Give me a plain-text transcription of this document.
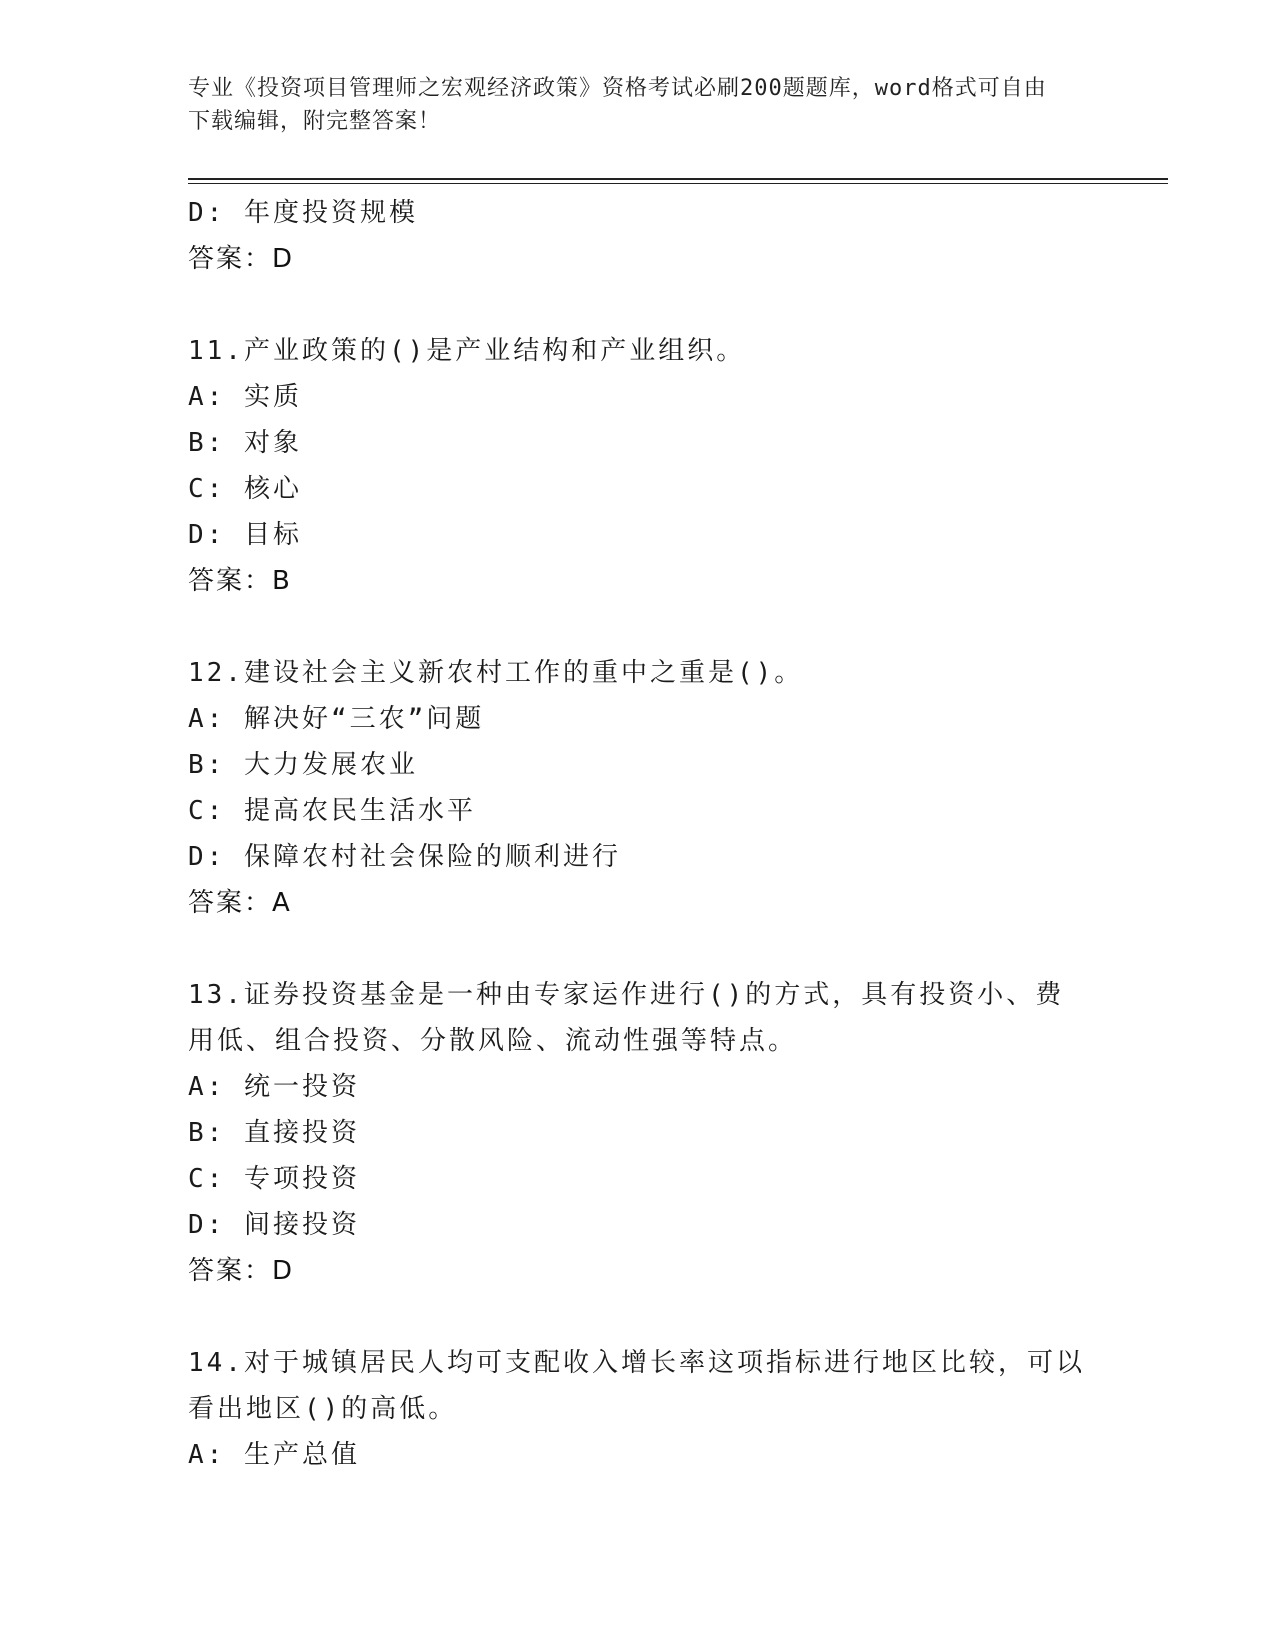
专业《投资项目管理师之宏观经济政策》资格考试必刷200题题库，word格式可自由下载编辑，附完整答案！

D: 年度投资规模

答案：D

11.产业政策的()是产业结构和产业组织。

A: 实质

B: 对象

C: 核心

D: 目标

答案：B

12.建设社会主义新农村工作的重中之重是()。

A: 解决好“三农”问题

B: 大力发展农业

C: 提高农民生活水平

D: 保障农村社会保险的顺利进行

答案：A

13.证券投资基金是一种由专家运作进行()的方式，具有投资小、费用低、组合投资、分散风险、流动性强等特点。

A: 统一投资

B: 直接投资

C: 专项投资

D: 间接投资

答案：D

14.对于城镇居民人均可支配收入增长率这项指标进行地区比较，可以看出地区()的高低。

A: 生产总值
